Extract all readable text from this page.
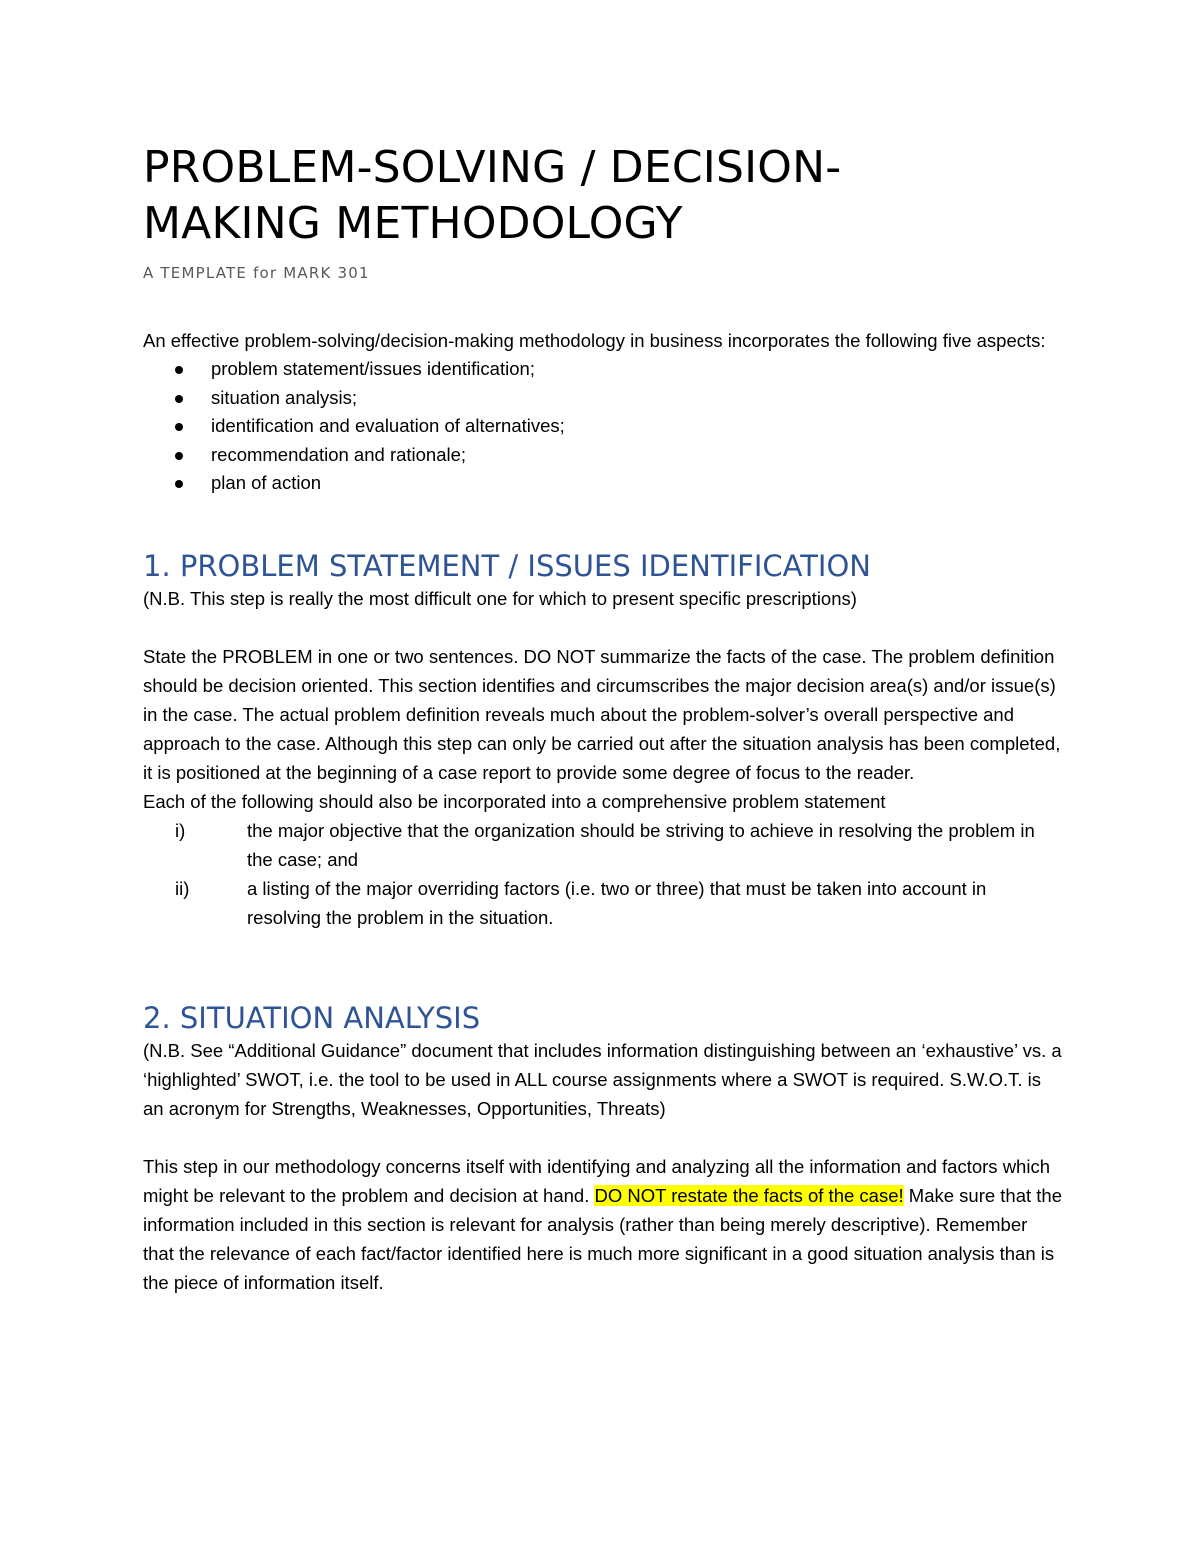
PROBLEM-SOLVING / DECISION-
MAKING METHODOLOGY
A TEMPLATE for MARK 301

An effective problem-solving/decision-making methodology in business incorporates the following five aspects:

problem statement/issues identification;
situation analysis;
identification and evaluation of alternatives;
recommendation and rationale;
plan of action
1. PROBLEM STATEMENT / ISSUES IDENTIFICATION

(N.B. This step is really the most difficult one for which to present specific prescriptions)

State the PROBLEM in one or two sentences. DO NOT summarize the facts of the case. The problem definition should be decision oriented. This section identifies and circumscribes the major decision area(s) and/or issue(s) in the case. The actual problem definition reveals much about the problem-solver’s overall perspective and approach to the case. Although this step can only be carried out after the situation analysis has been completed, it is positioned at the beginning of a case report to provide some degree of focus to the reader.

Each of the following should also be incorporated into a comprehensive problem statement

i)	the major objective that the organization should be striving to achieve in resolving the problem in the case; and
ii)	a listing of the major overriding factors (i.e. two or three) that must be taken into account in resolving the problem in the situation.
2. SITUATION ANALYSIS

(N.B. See “Additional Guidance” document that includes information distinguishing between an ‘exhaustive’ vs. a ‘highlighted’ SWOT, i.e. the tool to be used in ALL course assignments where a SWOT is required. S.W.O.T. is an acronym for Strengths, Weaknesses, Opportunities, Threats)

This step in our methodology concerns itself with identifying and analyzing all the information and factors which might be relevant to the problem and decision at hand. DO NOT restate the facts of the case! Make sure that the information included in this section is relevant for analysis (rather than being merely descriptive). Remember that the relevance of each fact/factor identified here is much more significant in a good situation analysis than is the piece of information itself.
